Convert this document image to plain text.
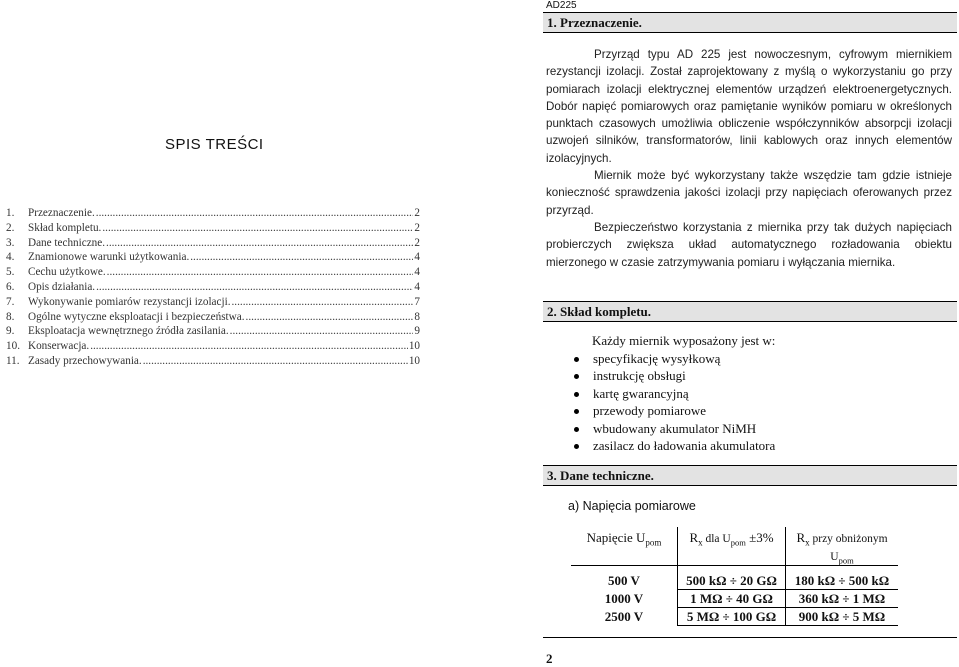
SPIS TREŚCI
1.	Przeznaczenie. .....	2
2.	Skład kompletu. .....	2
3.	Dane techniczne. .....	2
4.	Znamionowe warunki użytkowania. .....	4
5.	Cechu użytkowe. .....	4
6.	Opis działania. .....	4
7.	Wykonywanie pomiarów rezystancji izolacji. .....	7
8.	Ogólne wytyczne eksploatacji i bezpieczeństwa. .....	8
9.	Eksploatacja wewnętrznego źródła zasilania. .....	9
10. Konserwacja. .....	10
11. Zasady przechowywania. .....	10
AD225
1. Przeznaczenie.

Przyrząd typu AD 225 jest nowoczesnym, cyfrowym miernikiem rezystancji izolacji. Został zaprojektowany z myślą o wykorzystaniu go przy pomiarach izolacji elektrycznej elementów urządzeń elektroenergetycznych. Dobór napięć pomiarowych oraz pamiętanie wyników pomiaru w określonych punktach czasowych umożliwia obliczenie współczynników absorpcji izolacji uzwojeń silników, transformatorów, linii kablowych oraz innych elementów izolacyjnych.

Miernik może być wykorzystany także wszędzie tam gdzie istnieje konieczność sprawdzenia jakości izolacji przy napięciach oferowanych przez przyrząd.

Bezpieczeństwo korzystania z miernika przy tak dużych napięciach probierczych zwiększa układ automatycznego rozładowania obiektu mierzonego w czasie zatrzymywania pomiaru i wyłączania miernika.

2. Skład kompletu.
Każdy miernik wyposażony jest w:
specyfikację wysyłkową
instrukcję obsługi
kartę gwarancyjną
przewody pomiarowe
wbudowany akumulator NiMH
zasilacz do ładowania akumulatora
3. Dane techniczne.
a) Napięcia pomiarowe
Napięcie $U_{pom}$	$R_x$ dla $U_{pom} \pm 3\%$	$R_x$ przy obniżonym $U_{pom}$
500 V	500 kΩ ÷ 20 GΩ	180 kΩ ÷ 500 kΩ
1000 V	1 MΩ ÷ 40 GΩ	360 kΩ ÷ 1 MΩ
2500 V	5 MΩ ÷ 100 GΩ	900 kΩ ÷ 5 MΩ
2
